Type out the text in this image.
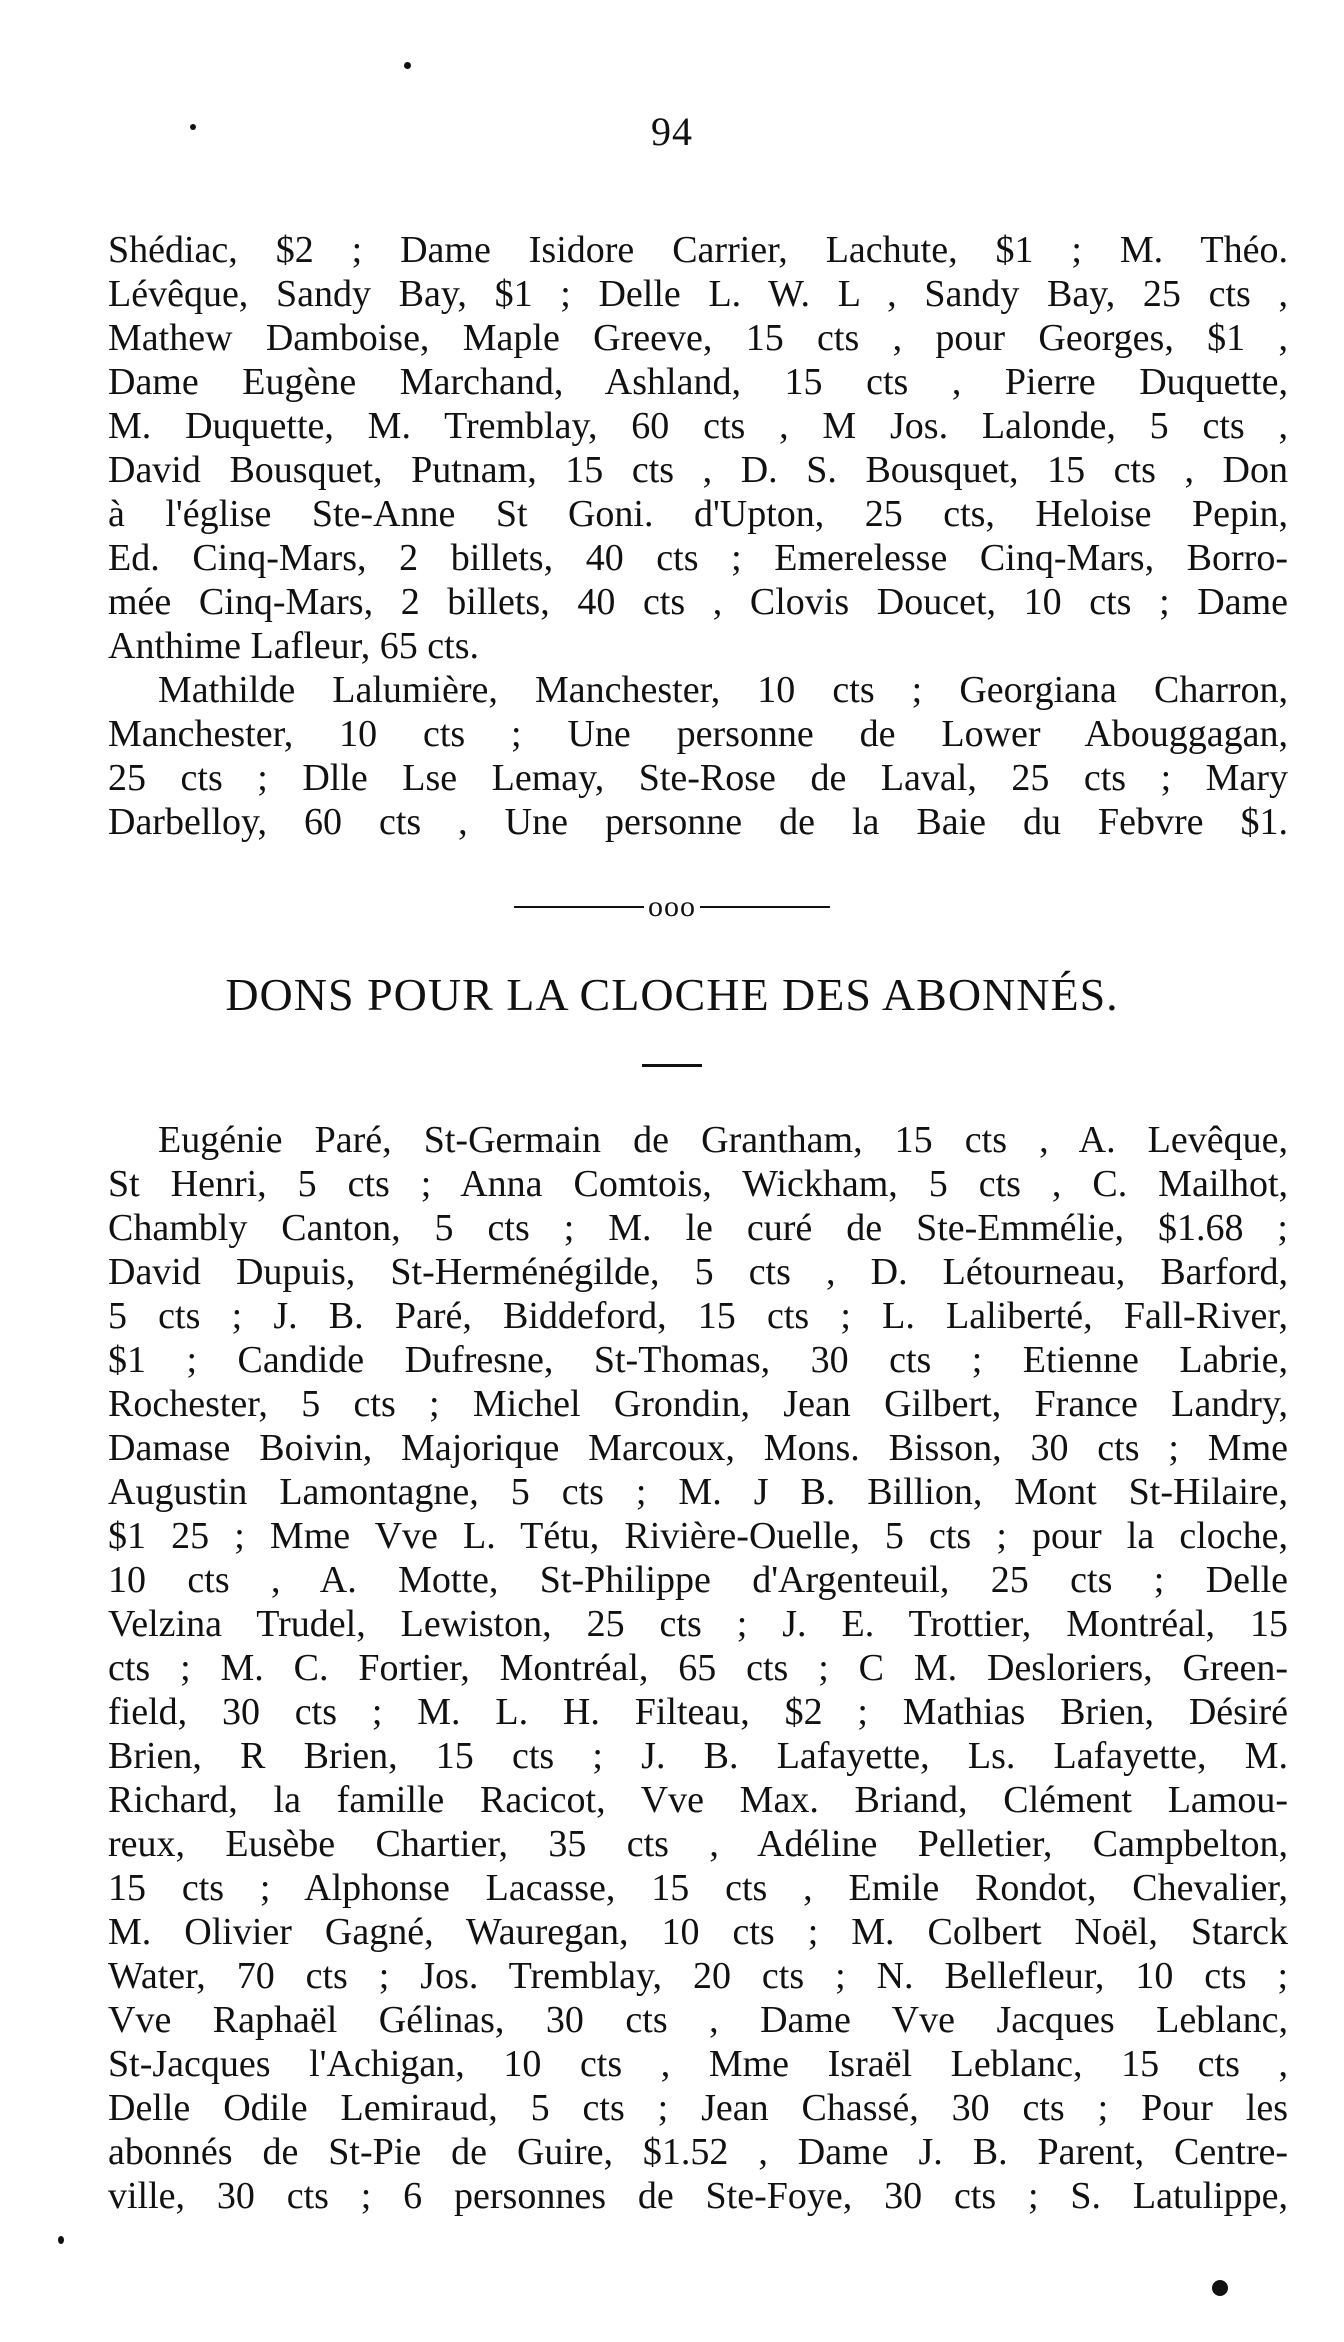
94
Shédiac, $2 ; Dame Isidore Carrier, Lachute, $1 ; M. Théo.
Lévêque, Sandy Bay, $1 ; Delle L. W. L , Sandy Bay, 25 cts ,
Mathew Damboise, Maple Greeve, 15 cts , pour Georges, $1 ,
Dame Eugène Marchand, Ashland, 15 cts , Pierre Duquette,
M. Duquette, M. Tremblay, 60 cts , M Jos. Lalonde, 5 cts ,
David Bousquet, Putnam, 15 cts , D. S. Bousquet, 15 cts , Don
à l'église Ste-Anne St Goni. d'Upton, 25 cts, Heloise Pepin,
Ed. Cinq-Mars, 2 billets, 40 cts ; Emerelesse Cinq-Mars, Borro-
mée Cinq-Mars, 2 billets, 40 cts , Clovis Doucet, 10 cts ; Dame
Anthime Lafleur, 65 cts.
Mathilde Lalumière, Manchester, 10 cts ; Georgiana Charron,
Manchester, 10 cts ; Une personne de Lower Abouggagan,
25 cts ; Dlle Lse Lemay, Ste-Rose de Laval, 25 cts ; Mary
Darbelloy, 60 cts , Une personne de la Baie du Febvre $1.
ooo
DONS POUR LA CLOCHE DES ABONNÉS.
Eugénie Paré, St-Germain de Grantham, 15 cts , A. Levêque,
St Henri, 5 cts ; Anna Comtois, Wickham, 5 cts , C. Mailhot,
Chambly Canton, 5 cts ; M. le curé de Ste-Emmélie, $1.68 ;
David Dupuis, St-Herménégilde, 5 cts , D. Létourneau, Barford,
5 cts ; J. B. Paré, Biddeford, 15 cts ; L. Laliberté, Fall-River,
$1 ; Candide Dufresne, St-Thomas, 30 cts ; Etienne Labrie,
Rochester, 5 cts ; Michel Grondin, Jean Gilbert, France Landry,
Damase Boivin, Majorique Marcoux, Mons. Bisson, 30 cts ; Mme
Augustin Lamontagne, 5 cts ; M. J B. Billion, Mont St-Hilaire,
$1 25 ; Mme Vve L. Tétu, Rivière-Ouelle, 5 cts ; pour la cloche,
10 cts , A. Motte, St-Philippe d'Argenteuil, 25 cts ; Delle
Velzina Trudel, Lewiston, 25 cts ; J. E. Trottier, Montréal, 15
cts ; M. C. Fortier, Montréal, 65 cts ; C M. Desloriers, Green-
field, 30 cts ; M. L. H. Filteau, $2 ; Mathias Brien, Désiré
Brien, R Brien, 15 cts ; J. B. Lafayette, Ls. Lafayette, M.
Richard, la famille Racicot, Vve Max. Briand, Clément Lamou-
reux, Eusèbe Chartier, 35 cts , Adéline Pelletier, Campbelton,
15 cts ; Alphonse Lacasse, 15 cts , Emile Rondot, Chevalier,
M. Olivier Gagné, Wauregan, 10 cts ; M. Colbert Noël, Starck
Water, 70 cts ; Jos. Tremblay, 20 cts ; N. Bellefleur, 10 cts ;
Vve Raphaël Gélinas, 30 cts , Dame Vve Jacques Leblanc,
St-Jacques l'Achigan, 10 cts , Mme Israël Leblanc, 15 cts ,
Delle Odile Lemiraud, 5 cts ; Jean Chassé, 30 cts ; Pour les
abonnés de St-Pie de Guire, $1.52 , Dame J. B. Parent, Centre-
ville, 30 cts ; 6 personnes de Ste-Foye, 30 cts ; S. Latulippe,
